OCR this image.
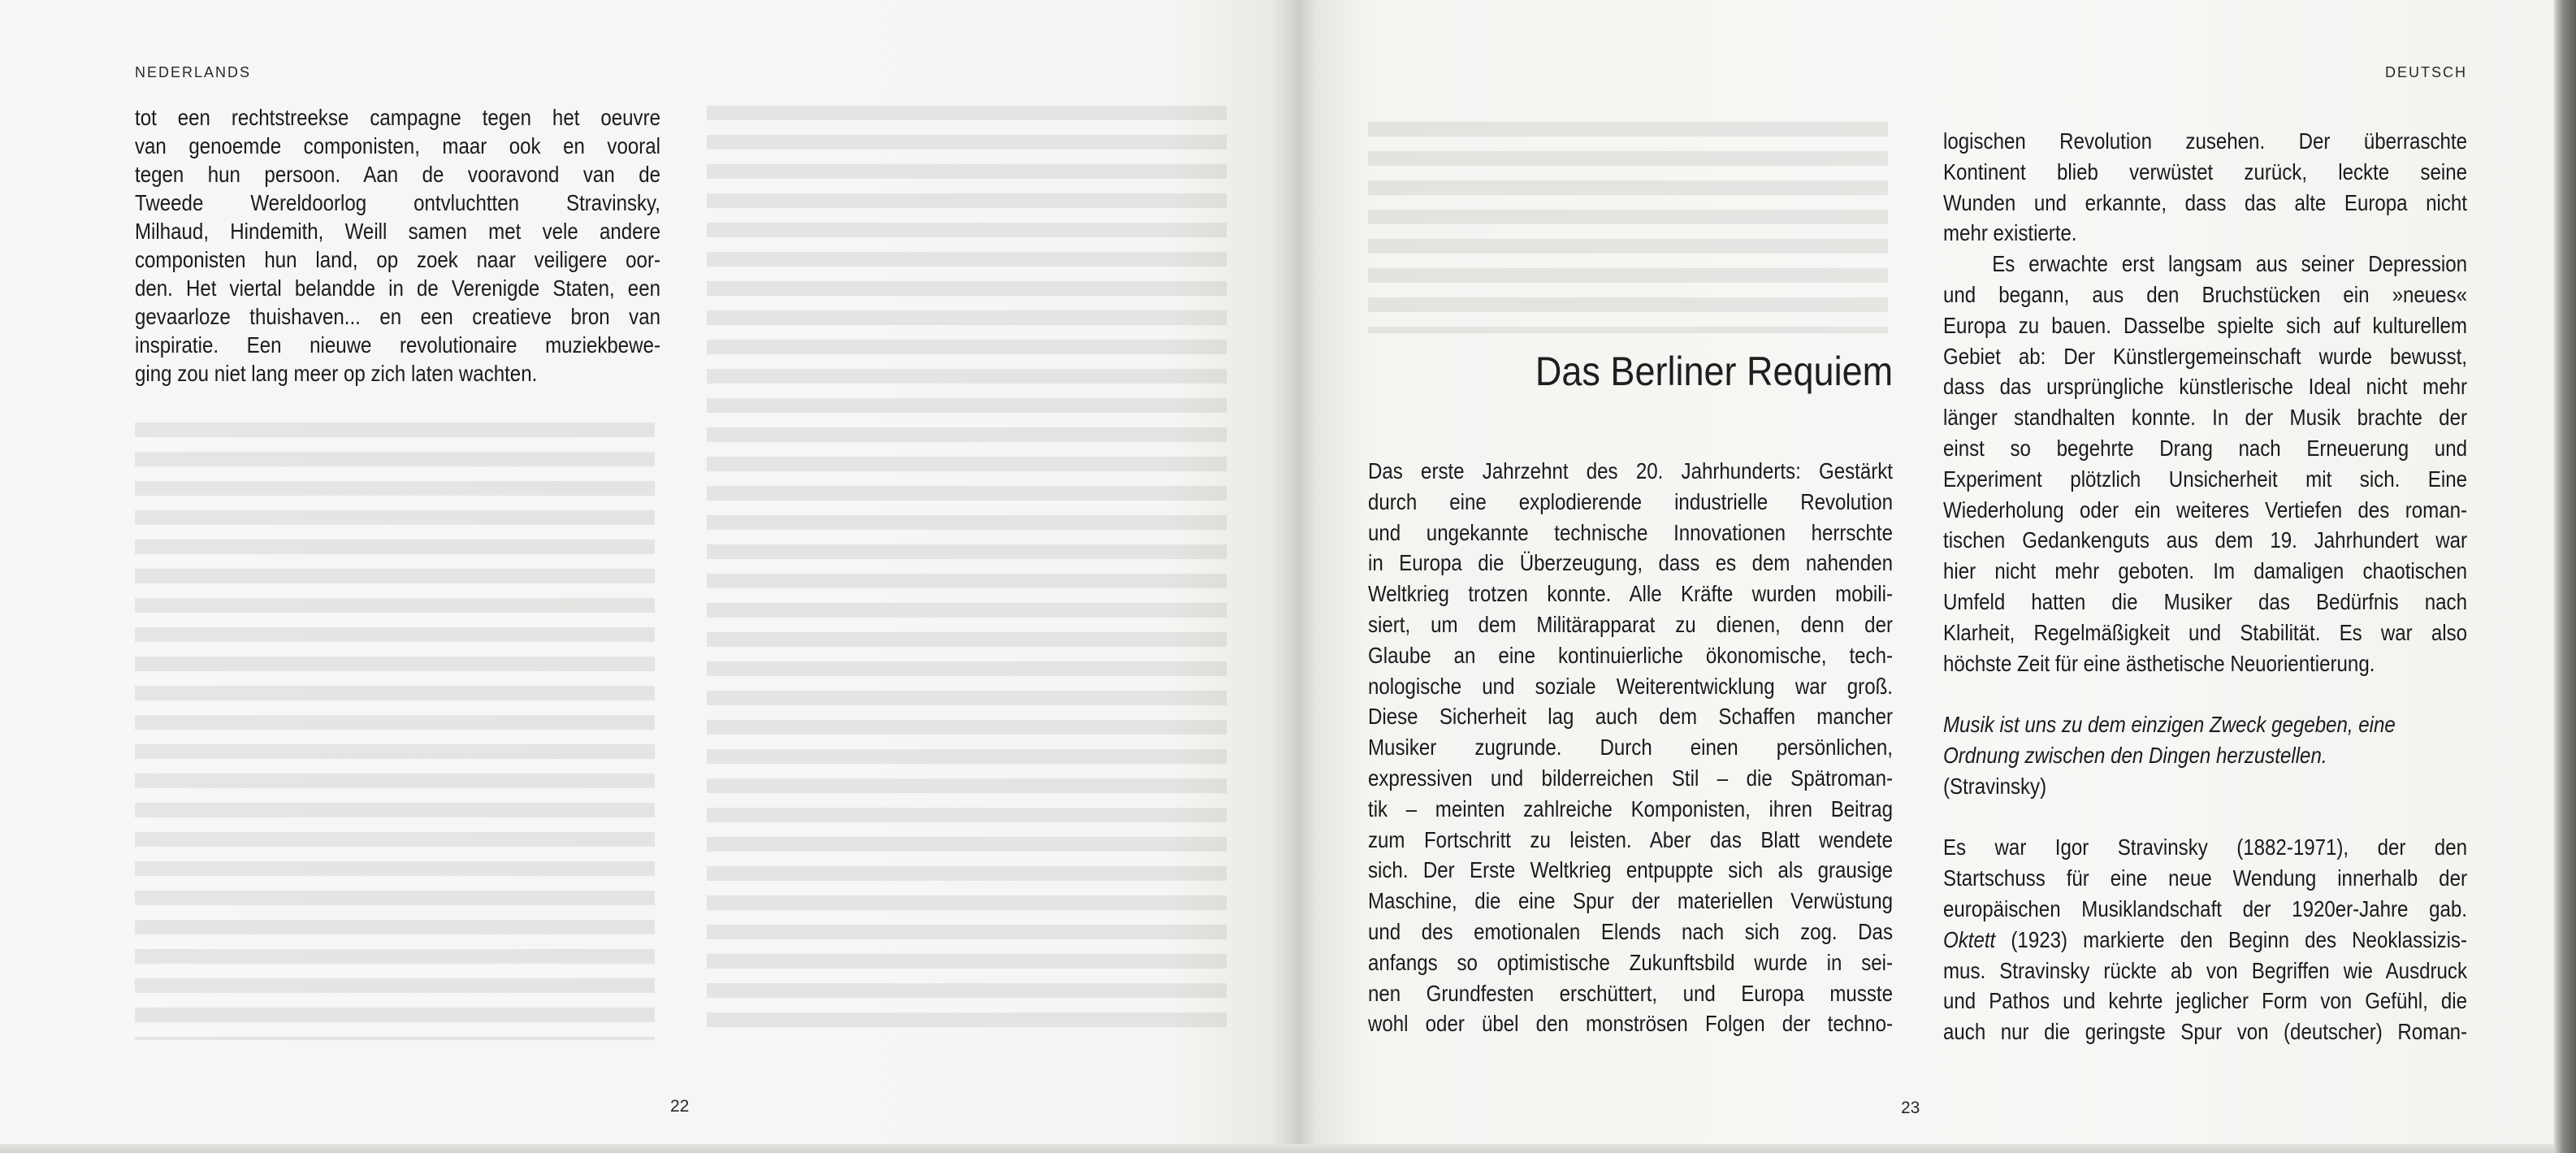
NEDERLANDS	DEUTSCH
tot een rechtstreekse campagne tegen het oeuvre
van genoemde componisten, maar ook en vooral
tegen hun persoon. Aan de vooravond van de
Tweede Wereldoorlog ontvluchtten Stravinsky,
Milhaud, Hindemith, Weill samen met vele andere
componisten hun land, op zoek naar veiligere oor-
den. Het viertal belandde in de Verenigde Staten, een
gevaarloze thuishaven... en een creatieve bron van
inspiratie. Een nieuwe revolutionaire muziekbewe-
ging zou niet lang meer op zich laten wachten.	Das Berliner Requiem
Das erste Jahrzehnt des 20. Jahrhunderts: Gestärkt
durch eine explodierende industrielle Revolution
und ungekannte technische Innovationen herrschte
in Europa die Überzeugung, dass es dem nahenden
Weltkrieg trotzen konnte. Alle Kräfte wurden mobili-
siert, um dem Militärapparat zu dienen, denn der
Glaube an eine kontinuierliche ökonomische, tech-
nologische und soziale Weiterentwicklung war groß.
Diese Sicherheit lag auch dem Schaffen mancher
Musiker zugrunde. Durch einen persönlichen,
expressiven und bilderreichen Stil – die Spätroman-
tik – meinten zahlreiche Komponisten, ihren Beitrag
zum Fortschritt zu leisten. Aber das Blatt wendete
sich. Der Erste Weltkrieg entpuppte sich als grausige
Maschine, die eine Spur der materiellen Verwüstung
und des emotionalen Elends nach sich zog. Das
anfangs so optimistische Zukunftsbild wurde in sei-
nen Grundfesten erschüttert, und Europa musste
wohl oder übel den monströsen Folgen der techno-
logischen Revolution zusehen. Der überraschte
Kontinent blieb verwüstet zurück, leckte seine
Wunden und erkannte, dass das alte Europa nicht
mehr existierte.
Es erwachte erst langsam aus seiner Depression
und begann, aus den Bruchstücken ein »neues«
Europa zu bauen. Dasselbe spielte sich auf kulturellem
Gebiet ab: Der Künstlergemeinschaft wurde bewusst,
dass das ursprüngliche künstlerische Ideal nicht mehr
länger standhalten konnte. In der Musik brachte der
einst so begehrte Drang nach Erneuerung und
Experiment plötzlich Unsicherheit mit sich. Eine
Wiederholung oder ein weiteres Vertiefen des roman-
tischen Gedankenguts aus dem 19. Jahrhundert war
hier nicht mehr geboten. Im damaligen chaotischen
Umfeld hatten die Musiker das Bedürfnis nach
Klarheit, Regelmäßigkeit und Stabilität. Es war also
höchste Zeit für eine ästhetische Neuorientierung.
Musik ist uns zu dem einzigen Zweck gegeben, eine
Ordnung zwischen den Dingen herzustellen.
(Stravinsky)
Es war Igor Stravinsky (1882-1971), der den
Startschuss für eine neue Wendung innerhalb der
europäischen Musiklandschaft der 1920er-Jahre gab.
Oktett (1923) markierte den Beginn des Neoklassizis-
mus. Stravinsky rückte ab von Begriffen wie Ausdruck
und Pathos und kehrte jeglicher Form von Gefühl, die
auch nur die geringste Spur von (deutscher) Roman-
22	23
